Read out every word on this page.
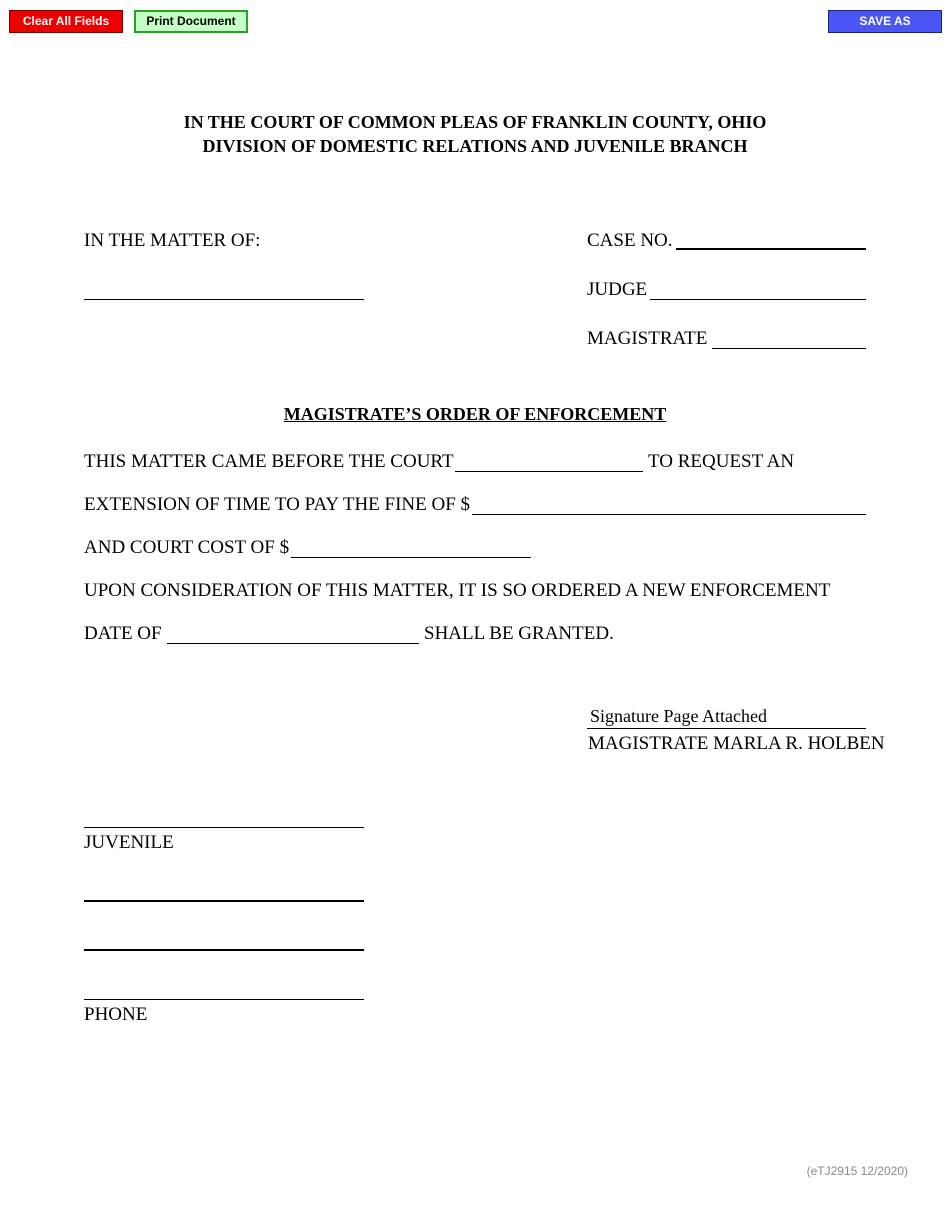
Clear All Fields	Print Document	SAVE AS
IN THE COURT OF COMMON PLEAS OF FRANKLIN COUNTY, OHIO
DIVISION OF DOMESTIC RELATIONS AND JUVENILE BRANCH
IN THE MATTER OF:	CASE NO.
JUDGE
MAGISTRATE
MAGISTRATE’S ORDER OF ENFORCEMENT
THIS MATTER CAME BEFORE THE COURT	TO REQUEST AN
EXTENSION OF TIME TO PAY THE FINE OF $
AND COURT COST OF $
UPON CONSIDERATION OF THIS MATTER, IT IS SO ORDERED A NEW ENFORCEMENT
DATE OF	SHALL BE GRANTED.
Signature Page Attached
MAGISTRATE MARLA R. HOLBEN
JUVENILE
PHONE
(eTJ2915 12/2020)
